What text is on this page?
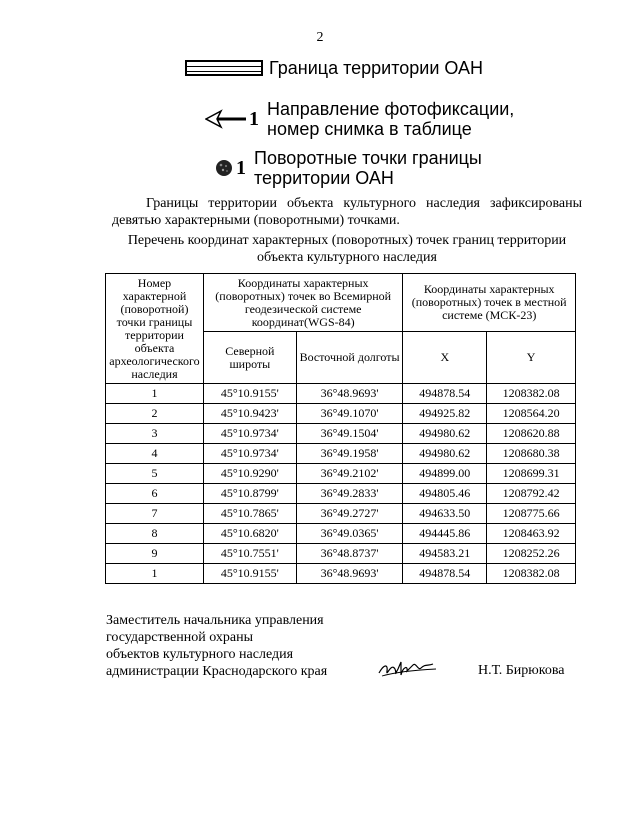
2
Граница территории ОАН
1 Направление фотофиксации,
номер снимка в таблице
1 Поворотные точки границы
территории ОАН
Границы территории объекта культурного наследия зафиксированы девятью характерными (поворотными) точками.
Перечень координат характерных (поворотных) точек границ территории объекта культурного наследия
Номер характерной (поворотной) точки границы территории объекта археологического наследия	Координаты характерных (поворотных) точек во Всемирной геодезической системе координат(WGS-84)		Координаты характерных (поворотных) точек в местной системе (МСК-23)	
	Северной широты	Восточной долготы	X	Y
1	45°10.9155'	36°48.9693'	494878.54	1208382.08
2	45°10.9423'	36°49.1070'	494925.82	1208564.20
3	45°10.9734'	36°49.1504'	494980.62	1208620.88
4	45°10.9734'	36°49.1958'	494980.62	1208680.38
5	45°10.9290'	36°49.2102'	494899.00	1208699.31
6	45°10.8799'	36°49.2833'	494805.46	1208792.42
7	45°10.7865'	36°49.2727'	494633.50	1208775.66
8	45°10.6820'	36°49.0365'	494445.86	1208463.92
9	45°10.7551'	36°48.8737'	494583.21	1208252.26
1	45°10.9155'	36°48.9693'	494878.54	1208382.08
Заместитель начальника управления
государственной охраны
объектов культурного наследия
администрации Краснодарского края	Н.Т. Бирюкова
